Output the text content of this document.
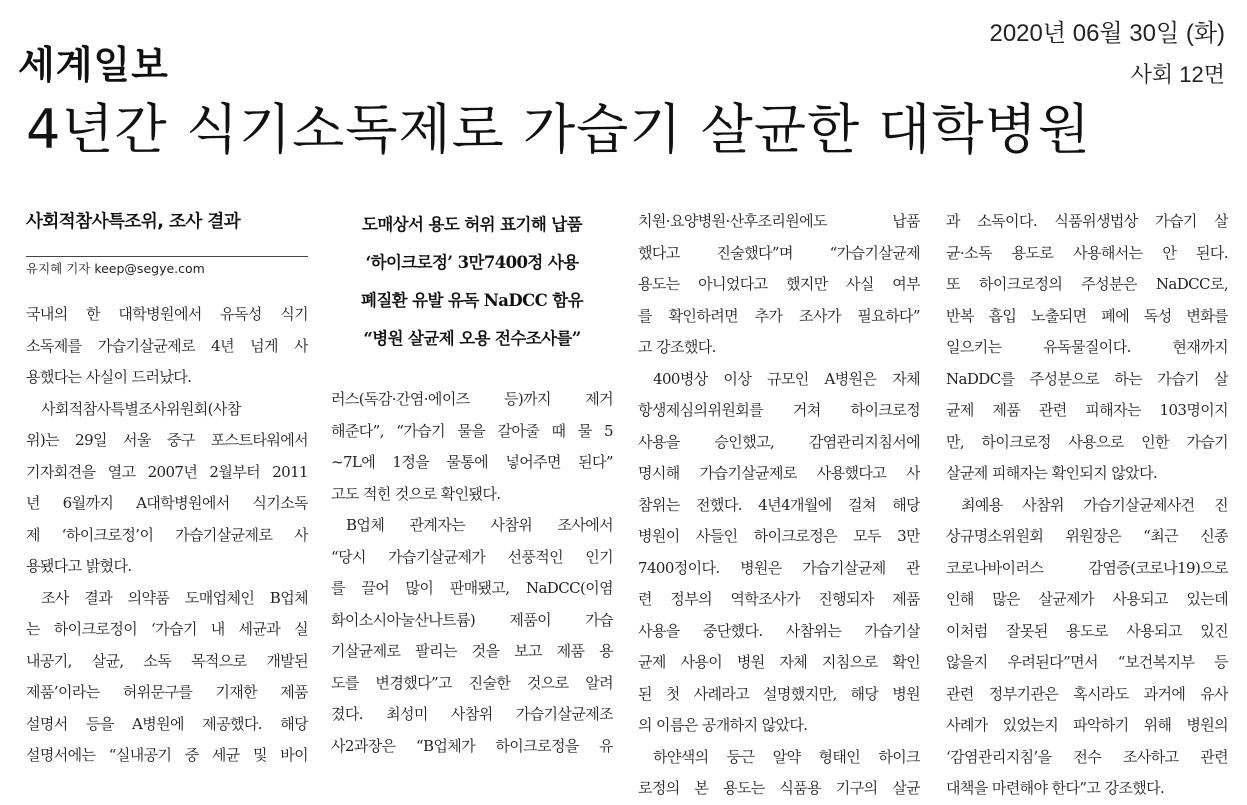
세계일보
2020년 06월 30일 (화)
사회 12면
4년간 식기소독제로 가습기 살균한 대학병원
사회적참사특조위, 조사 결과
유지혜 기자 keep@segye.com
국내의 한 대학병원에서 유독성 식기
소독제를 가습기살균제로 4년 넘게 사
용했다는 사실이 드러났다.
사회적참사특별조사위원회(사참
위)는 29일 서울 중구 포스트타워에서
기자회견을 열고 2007년 2월부터 2011
년 6월까지 A대학병원에서 식기소독
제 ‘하이크로정’이 가습기살균제로 사
용됐다고 밝혔다.
조사 결과 의약품 도매업체인 B업체
는 하이크로정이 ‘가습기 내 세균과 실
내공기, 살균, 소독 목적으로 개발된
제품’이라는 허위문구를 기재한 제품
설명서 등을 A병원에 제공했다. 해당
설명서에는 “실내공기 중 세균 및 바이
도매상서 용도 허위 표기해 납품
‘하이크로정’ 3만7400정 사용
폐질환 유발 유독 NaDCC 함유
“병원 살균제 오용 전수조사를”
러스(독감·간염·에이즈 등)까지 제거
해준다”, “가습기 물을 갈아줄 때 물 5
~7L에 1정을 물통에 넣어주면 된다”
고도 적힌 것으로 확인됐다.
B업체 관계자는 사참위 조사에서
“당시 가습기살균제가 선풍적인 인기
를 끌어 많이 판매됐고, NaDCC(이염
화이소시아눌산나트륨) 제품이 가습
기살균제로 팔리는 것을 보고 제품 용
도를 변경했다”고 진술한 것으로 알려
졌다. 최성미 사참위 가습기살균제조
사2과장은 “B업체가 하이크로정을 유
치원·요양병원·산후조리원에도 납품
했다고 진술했다”며 “가습기살균제
용도는 아니었다고 했지만 사실 여부
를 확인하려면 추가 조사가 필요하다”
고 강조했다.
400병상 이상 규모인 A병원은 자체
항생제심의위원회를 거쳐 하이크로정
사용을 승인했고, 감염관리지침서에
명시해 가습기살균제로 사용했다고 사
참위는 전했다. 4년4개월에 걸쳐 해당
병원이 사들인 하이크로정은 모두 3만
7400정이다. 병원은 가습기살균제 관
련 정부의 역학조사가 진행되자 제품
사용을 중단했다. 사참위는 가습기살
균제 사용이 병원 자체 지침으로 확인
된 첫 사례라고 설명했지만, 해당 병원
의 이름은 공개하지 않았다.
하얀색의 둥근 알약 형태인 하이크
로정의 본 용도는 식품용 기구의 살균
과 소독이다. 식품위생법상 가습기 살
균·소독 용도로 사용해서는 안 된다.
또 하이크로정의 주성분은 NaDCC로,
반복 흡입 노출되면 폐에 독성 변화를
일으키는 유독물질이다. 현재까지
NaDDC를 주성분으로 하는 가습기 살
균제 제품 관련 피해자는 103명이지
만, 하이크로정 사용으로 인한 가습기
살균제 피해자는 확인되지 않았다.
최예용 사참위 가습기살균제사건 진
상규명소위원회 위원장은 “최근 신종
코로나바이러스 감염증(코로나19)으로
인해 많은 살균제가 사용되고 있는데
이처럼 잘못된 용도로 사용되고 있진
않을지 우려된다”면서 “보건복지부 등
관련 정부기관은 혹시라도 과거에 유사
사례가 있었는지 파악하기 위해 병원의
‘감염관리지침’을 전수 조사하고 관련
대책을 마련해야 한다”고 강조했다.
